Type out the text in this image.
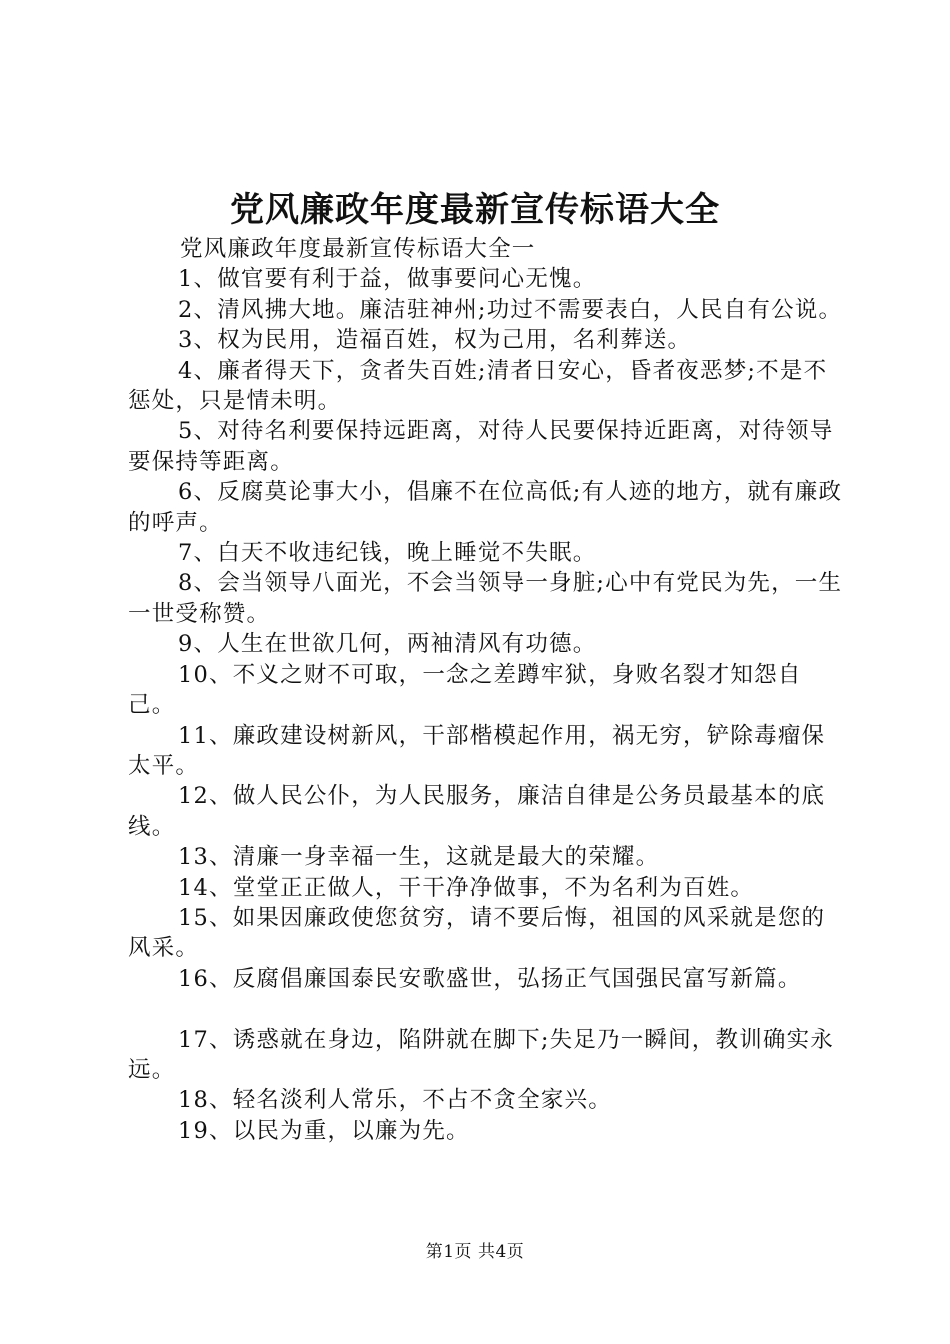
党风廉政年度最新宣传标语大全

党风廉政年度最新宣传标语大全一

1、做官要有利于益，做事要问心无愧。

2、清风拂大地。廉洁驻神州;功过不需要表白，人民自有公说。

3、权为民用，造福百姓，权为己用，名利葬送。

4、廉者得天下，贪者失百姓;清者日安心，昏者夜恶梦;不是不惩处，只是情未明。

5、对待名利要保持远距离，对待人民要保持近距离，对待领导要保持等距离。

6、反腐莫论事大小，倡廉不在位高低;有人迹的地方，就有廉政的呼声。

7、白天不收违纪钱，晚上睡觉不失眠。

8、会当领导八面光，不会当领导一身脏;心中有党民为先，一生一世受称赞。

9、人生在世欲几何，两袖清风有功德。

10、不义之财不可取，一念之差蹲牢狱，身败名裂才知怨自己。

11、廉政建设树新风，干部楷模起作用，祸无穷，铲除毒瘤保太平。

12、做人民公仆，为人民服务，廉洁自律是公务员最基本的底线。

13、清廉一身幸福一生，这就是最大的荣耀。

14、堂堂正正做人，干干净净做事，不为名利为百姓。

15、如果因廉政使您贫穷，请不要后悔，祖国的风采就是您的风采。

16、反腐倡廉国泰民安歌盛世，弘扬正气国强民富写新篇。

17、诱惑就在身边，陷阱就在脚下;失足乃一瞬间，教训确实永远。

18、轻名淡利人常乐，不占不贪全家兴。

19、以民为重，以廉为先。

第1页 共4页
